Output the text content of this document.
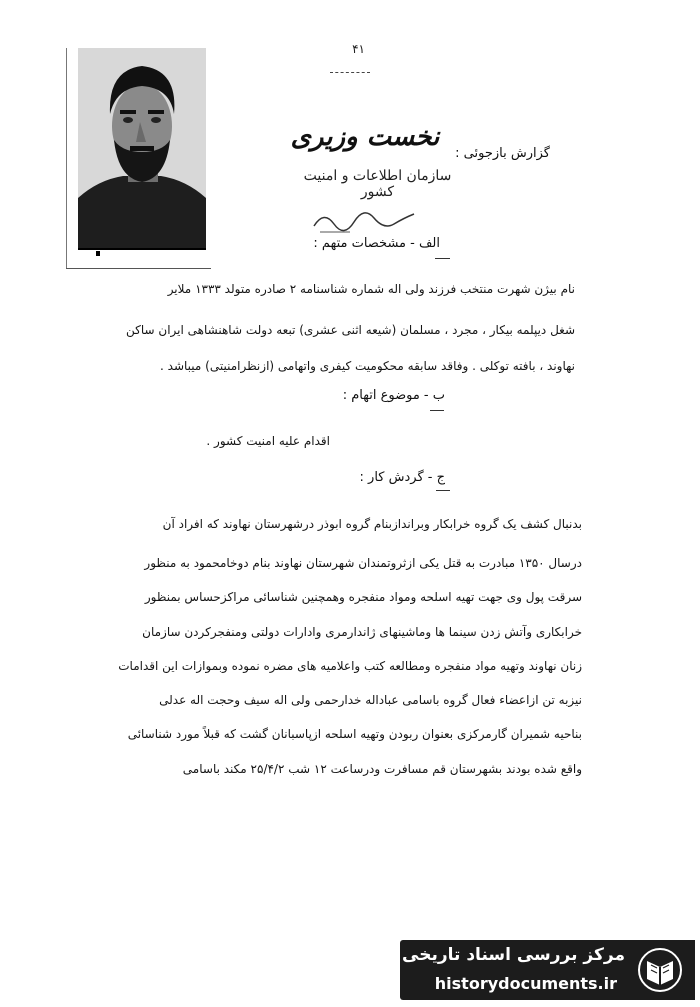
۴۱
نخست وزیری
سازمان اطلاعات و امنیت کشور
گزارش بازجوئی :
الف - مشخصات متهم :
نام بیژن شهرت منتخب فرزند ولی اله شماره شناسنامه ۲ صادره متولد ۱۳۳۳ ملایر
شغل دیپلمه بیکار ، مجرد ، مسلمان (شیعه اثنی عشری) تبعه دولت شاهنشاهی ایران ساکن
نهاوند ، بافته توکلی . وفاقد سابقه محکومیت کیفری واتهامی (ازنظرامنیتی) میباشد .
ب - موضوع اتهام :
اقدام علیه امنیت کشور .
ج - گردش کار :
بدنبال کشف یک گروه خرابکار وبراندازبنام گروه ابوذر درشهرستان نهاوند که افراد آن
درسال ۱۳۵۰ مبادرت به قتل یکی ازثروتمندان شهرستان نهاوند بنام دوخامحمود به منظور
سرقت پول وی جهت تهیه اسلحه ومواد منفجره وهمچنین شناسائی مراکزحساس بمنظور
خرابکاری وآتش زدن سینما ها وماشینهای ژاندارمری وادارات دولتی ومنفجرکردن سازمان
زنان نهاوند وتهیه مواد منفجره ومطالعه کتب واعلامیه های مضره نموده وبموازات این اقدامات
نیزبه تن ازاعضاء فعال گروه باسامی عباداله خدارحمی ولی اله سیف وحجت اله عدلی
بناحیه شمیران گارمرکزی بعنوان ربودن وتهیه اسلحه ازپاسبانان گشت که قبلاً مورد شناسائی
واقع شده بودند بشهرستان قم مسافرت ودرساعت ۱۲ شب ۲۵/۴/۲ مکند باسامی
مرکز بررسی اسناد تاریخی
historydocuments.ir
